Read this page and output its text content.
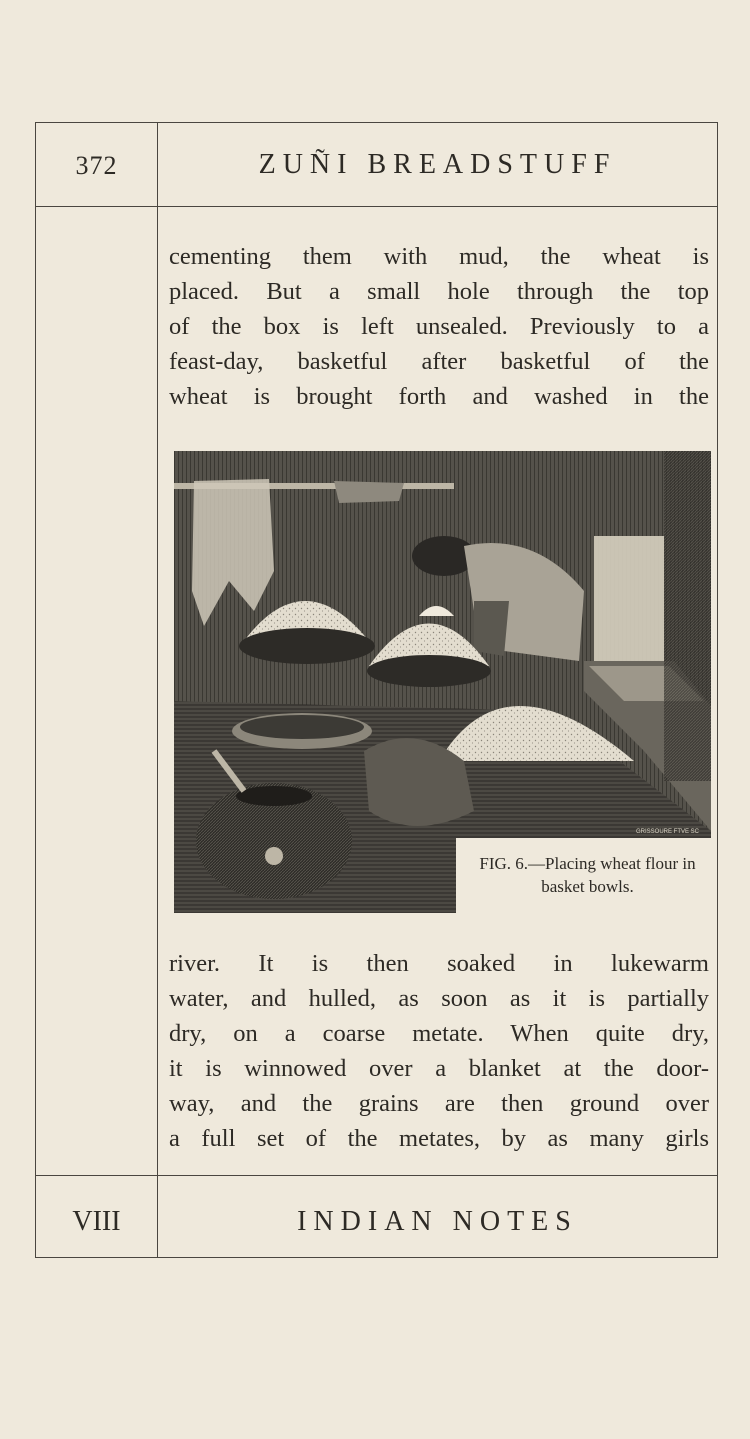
372	ZUÑI BREADSTUFF
cementing them with mud, the wheat is
placed. But a small hole through the top
of the box is left unsealed. Previously to a
feast-day, basketful after basketful of the
wheat is brought forth and washed in the
GRISSOURE FTVE SC
FIG. 6.—Placing wheat flour in basket bowls.
river. It is then soaked in lukewarm
water, and hulled, as soon as it is partially
dry, on a coarse metate. When quite dry,
it is winnowed over a blanket at the door-
way, and the grains are then ground over
a full set of the metates, by as many girls
VIII	INDIAN NOTES
